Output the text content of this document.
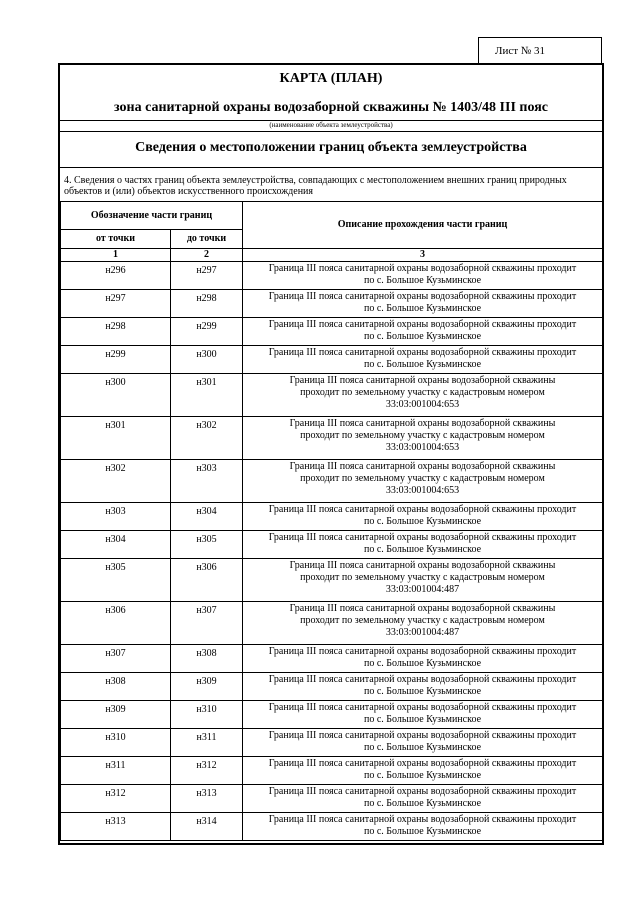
Лист № 31
КАРТА (ПЛАН)
зона санитарной охраны водозаборной скважины № 1403/48 III пояс
(наименование объекта землеустройства)
Сведения о местоположении границ объекта землеустройства
4. Сведения о частях границ объекта землеустройства, совпадающих с местоположением внешних границ природных объектов и (или) объектов искусственного происхождения
Обозначение части границ		Описание прохождения части границ
от точки	до точки	
1	2	3
н296	н297	Граница III пояса санитарной охраны водозаборной скважины проходит
по с. Большое Кузьминское

н297	н298	Граница III пояса санитарной охраны водозаборной скважины проходит
по с. Большое Кузьминское

н298	н299	Граница III пояса санитарной охраны водозаборной скважины проходит
по с. Большое Кузьминское

н299	н300	Граница III пояса санитарной охраны водозаборной скважины проходит
по с. Большое Кузьминское

н300	н301	Граница III пояса санитарной охраны водозаборной скважины
проходит по земельному участку с кадастровым номером
33:03:001004:653

н301	н302	Граница III пояса санитарной охраны водозаборной скважины
проходит по земельному участку с кадастровым номером
33:03:001004:653

н302	н303	Граница III пояса санитарной охраны водозаборной скважины
проходит по земельному участку с кадастровым номером
33:03:001004:653

н303	н304	Граница III пояса санитарной охраны водозаборной скважины проходит
по с. Большое Кузьминское

н304	н305	Граница III пояса санитарной охраны водозаборной скважины проходит
по с. Большое Кузьминское

н305	н306	Граница III пояса санитарной охраны водозаборной скважины
проходит по земельному участку с кадастровым номером
33:03:001004:487

н306	н307	Граница III пояса санитарной охраны водозаборной скважины
проходит по земельному участку с кадастровым номером
33:03:001004:487

н307	н308	Граница III пояса санитарной охраны водозаборной скважины проходит
по с. Большое Кузьминское

н308	н309	Граница III пояса санитарной охраны водозаборной скважины проходит
по с. Большое Кузьминское

н309	н310	Граница III пояса санитарной охраны водозаборной скважины проходит
по с. Большое Кузьминское

н310	н311	Граница III пояса санитарной охраны водозаборной скважины проходит
по с. Большое Кузьминское

н311	н312	Граница III пояса санитарной охраны водозаборной скважины проходит
по с. Большое Кузьминское

н312	н313	Граница III пояса санитарной охраны водозаборной скважины проходит
по с. Большое Кузьминское

н313	н314	Граница III пояса санитарной охраны водозаборной скважины проходит
по с. Большое Кузьминское
